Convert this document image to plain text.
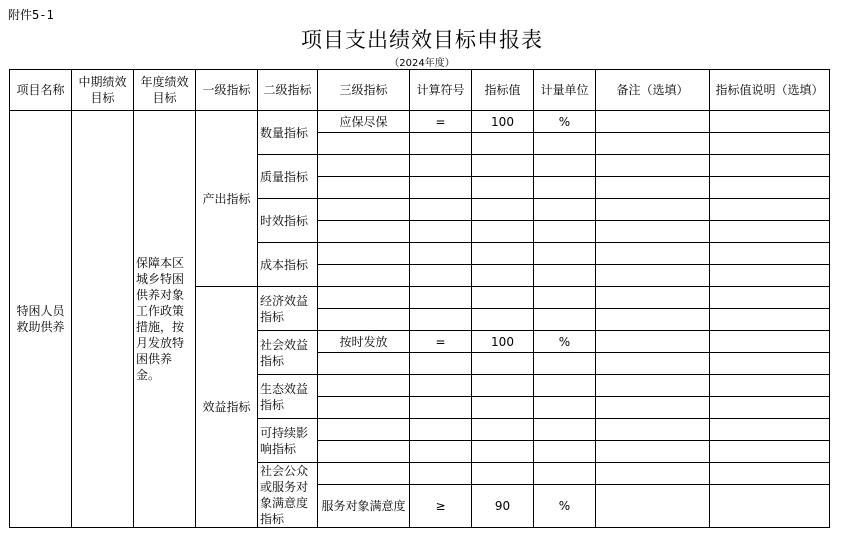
附件5-1
项目支出绩效目标申报表
（2024年度）
项目名称	中期绩效目标	年度绩效目标	一级指标	二级指标	三级指标	计算符号	指标值	计量单位	备注（选填）	指标值说明（选填）
特困人员救助供养		保障本区城乡特困供养对象工作政策措施，按月发放特困供养金。	产出指标	数量指标	应保尽保	=	100	%		

				质量指标						

				时效指标						

				成本指标						

			效益指标	经济效益指标						

				社会效益指标	按时发放	=	100	%		

				生态效益指标						

				可持续影响指标						

				社会公众或服务对象满意度指标						
					服务对象满意度	≥	90	%		
